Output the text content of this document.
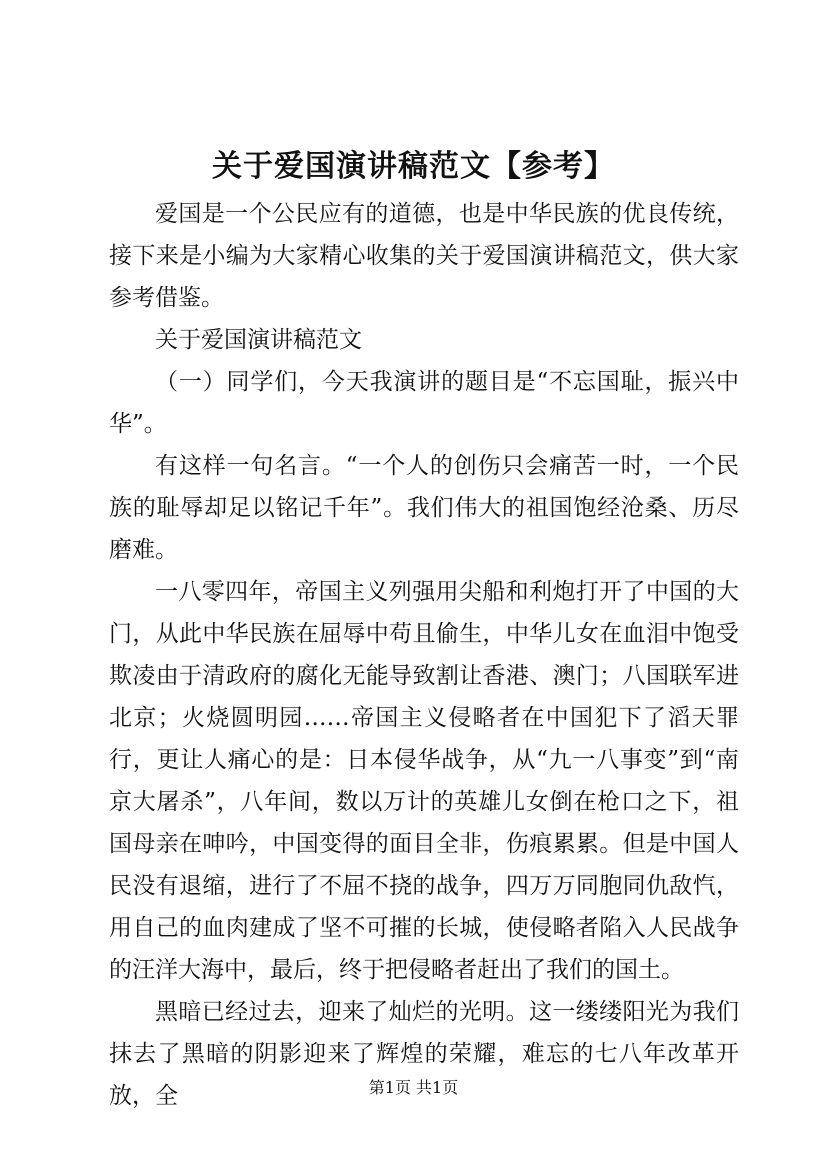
关于爱国演讲稿范文【参考】

爱国是一个公民应有的道德，也是中华民族的优良传统，接下来是小编为大家精心收集的关于爱国演讲稿范文，供大家参考借鉴。

关于爱国演讲稿范文

（一）同学们，今天我演讲的题目是“不忘国耻，振兴中华”。

有这样一句名言。“一个人的创伤只会痛苦一时，一个民族的耻辱却足以铭记千年”。我们伟大的祖国饱经沧桑、历尽磨难。

一八零四年，帝国主义列强用尖船和利炮打开了中国的大门，从此中华民族在屈辱中苟且偷生，中华儿女在血泪中饱受欺凌由于清政府的腐化无能导致割让香港、澳门；八国联军进北京；火烧圆明园……帝国主义侵略者在中国犯下了滔天罪行，更让人痛心的是：日本侵华战争，从“九一八事变”到“南京大屠杀”，八年间，数以万计的英雄儿女倒在枪口之下，祖国母亲在呻吟，中国变得的面目全非，伤痕累累。但是中国人民没有退缩，进行了不屈不挠的战争，四万万同胞同仇敌忾，用自己的血肉建成了坚不可摧的长城，使侵略者陷入人民战争的汪洋大海中，最后，终于把侵略者赶出了我们的国土。

黑暗已经过去，迎来了灿烂的光明。这一缕缕阳光为我们抹去了黑暗的阴影迎来了辉煌的荣耀，难忘的七八年改革开放，全	第1页 共1页
